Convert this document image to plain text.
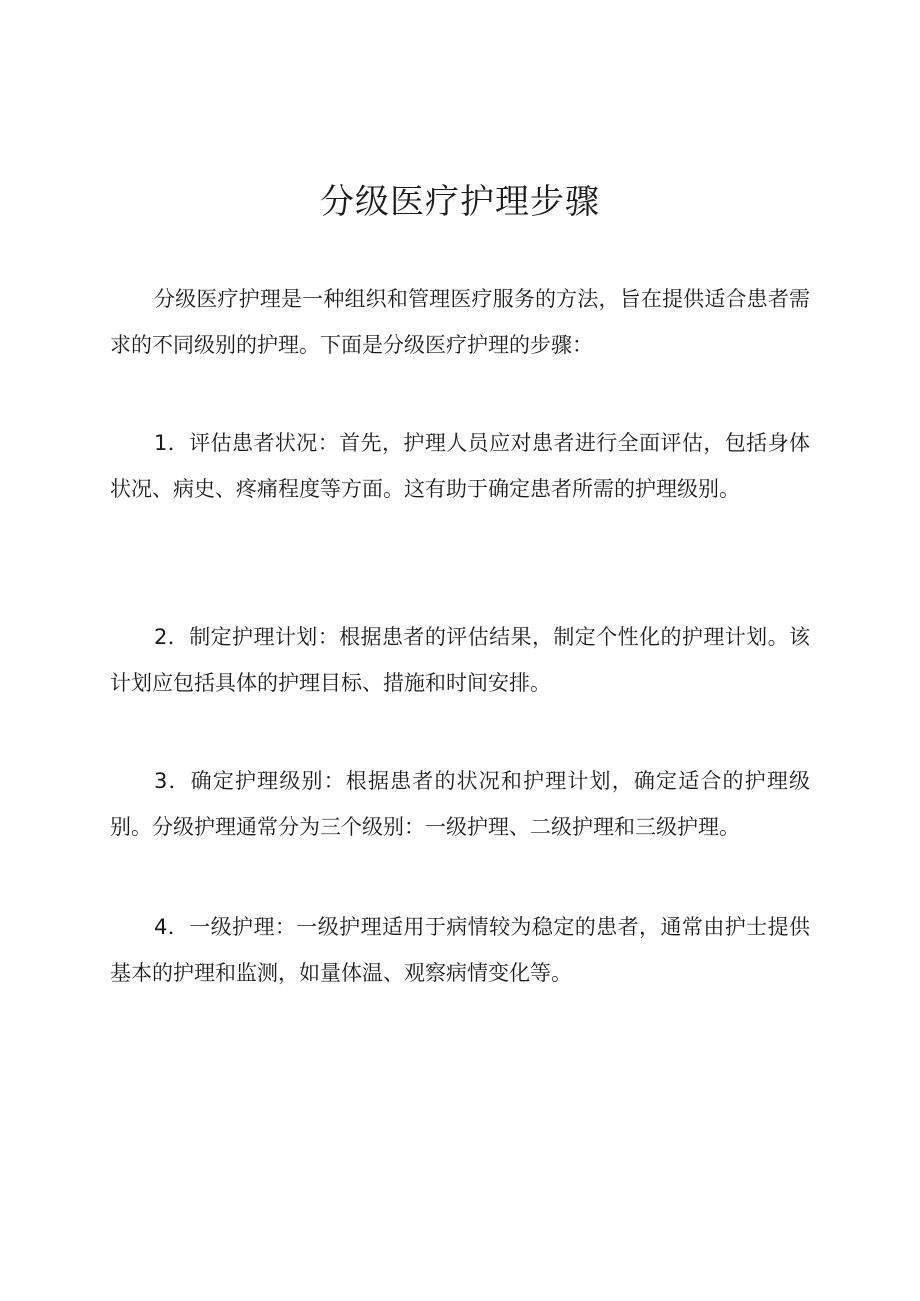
分级医疗护理步骤

分级医疗护理是一种组织和管理医疗服务的方法，旨在提供适合患者需求的不同级别的护理。下面是分级医疗护理的步骤：

1．评估患者状况：首先，护理人员应对患者进行全面评估，包括身体状况、病史、疼痛程度等方面。这有助于确定患者所需的护理级别。

2．制定护理计划：根据患者的评估结果，制定个性化的护理计划。该计划应包括具体的护理目标、措施和时间安排。

3．确定护理级别：根据患者的状况和护理计划，确定适合的护理级别。分级护理通常分为三个级别：一级护理、二级护理和三级护理。

4．一级护理：一级护理适用于病情较为稳定的患者，通常由护士提供基本的护理和监测，如量体温、观察病情变化等。
